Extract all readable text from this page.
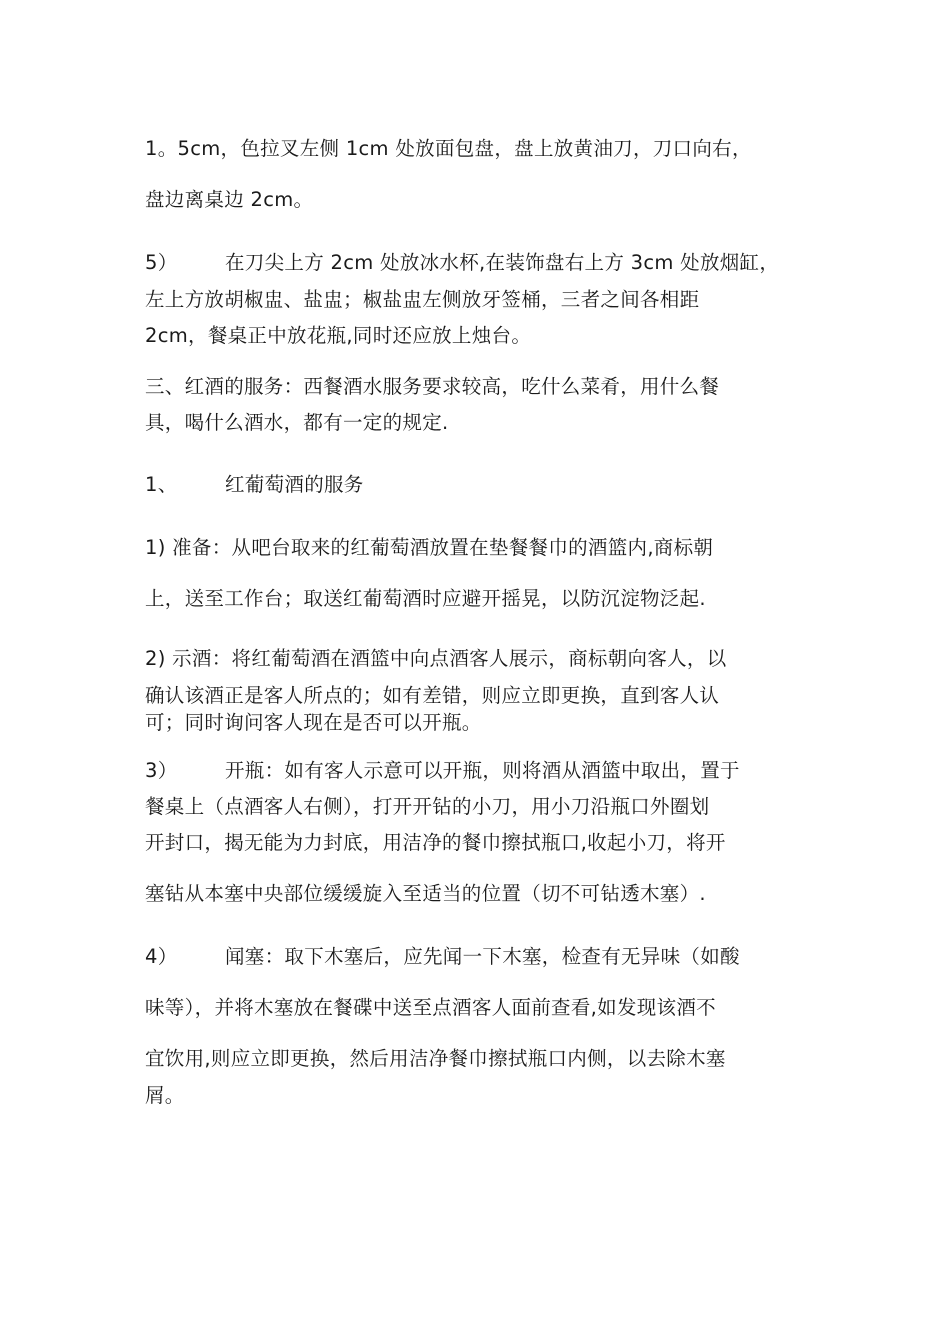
1。5cm，色拉叉左侧 1cm 处放面包盘，盘上放黄油刀，刀口向右，
盘边离桌边 2cm。
5） 在刀尖上方 2cm 处放冰水杯,在装饰盘右上方 3cm 处放烟缸，
左上方放胡椒盅、盐盅；椒盐盅左侧放牙签桶，三者之间各相距
2cm，餐桌正中放花瓶,同时还应放上烛台。
三、红酒的服务：西餐酒水服务要求较高，吃什么菜肴，用什么餐
具，喝什么酒水，都有一定的规定.
1、 红葡萄酒的服务
1) 准备：从吧台取来的红葡萄酒放置在垫餐餐巾的酒篮内,商标朝
上，送至工作台；取送红葡萄酒时应避开摇晃，以防沉淀物泛起.
2) 示酒：将红葡萄酒在酒篮中向点酒客人展示，商标朝向客人，以
确认该酒正是客人所点的；如有差错，则应立即更换，直到客人认
可；同时询问客人现在是否可以开瓶。
3） 开瓶：如有客人示意可以开瓶，则将酒从酒篮中取出，置于
餐桌上（点酒客人右侧），打开开钻的小刀，用小刀沿瓶口外圈划
开封口，揭无能为力封底，用洁净的餐巾擦拭瓶口,收起小刀，将开
塞钻从本塞中央部位缓缓旋入至适当的位置（切不可钻透木塞）.
4） 闻塞：取下木塞后，应先闻一下木塞，检查有无异味（如酸
味等），并将木塞放在餐碟中送至点酒客人面前查看,如发现该酒不
宜饮用,则应立即更换，然后用洁净餐巾擦拭瓶口内侧，以去除木塞
屑。
